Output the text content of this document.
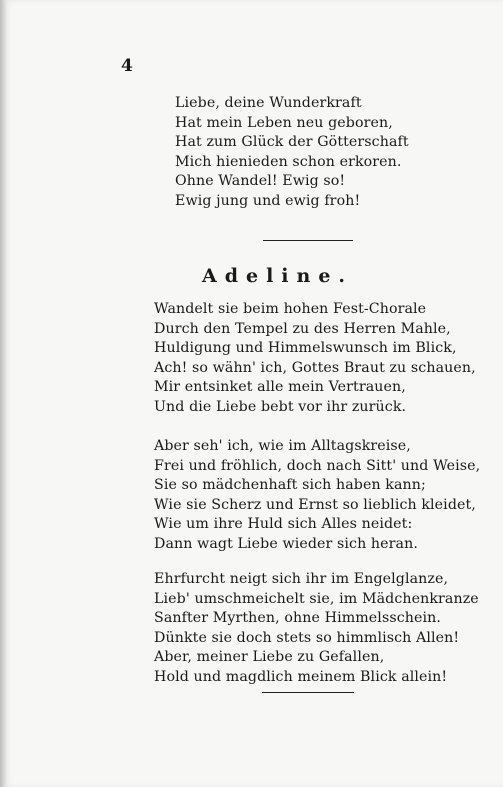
4
Liebe, deine Wunderkraft
Hat mein Leben neu geboren,
Hat zum Glück der Götterschaft
Mich hienieden schon erkoren.
Ohne Wandel! Ewig so!
Ewig jung und ewig froh!
Adeline.
Wandelt sie beim hohen Fest-Chorale
Durch den Tempel zu des Herren Mahle,
Huldigung und Himmelswunsch im Blick,
Ach! so wähn' ich, Gottes Braut zu schauen,
Mir entsinket alle mein Vertrauen,
Und die Liebe bebt vor ihr zurück.
Aber seh' ich, wie im Alltagskreise,
Frei und fröhlich, doch nach Sitt' und Weise,
Sie so mädchenhaft sich haben kann;
Wie sie Scherz und Ernst so lieblich kleidet,
Wie um ihre Huld sich Alles neidet:
Dann wagt Liebe wieder sich heran.
Ehrfurcht neigt sich ihr im Engelglanze,
Lieb' umschmeichelt sie, im Mädchenkranze
Sanfter Myrthen, ohne Himmelsschein.
Dünkte sie doch stets so himmlisch Allen!
Aber, meiner Liebe zu Gefallen,
Hold und magdlich meinem Blick allein!
